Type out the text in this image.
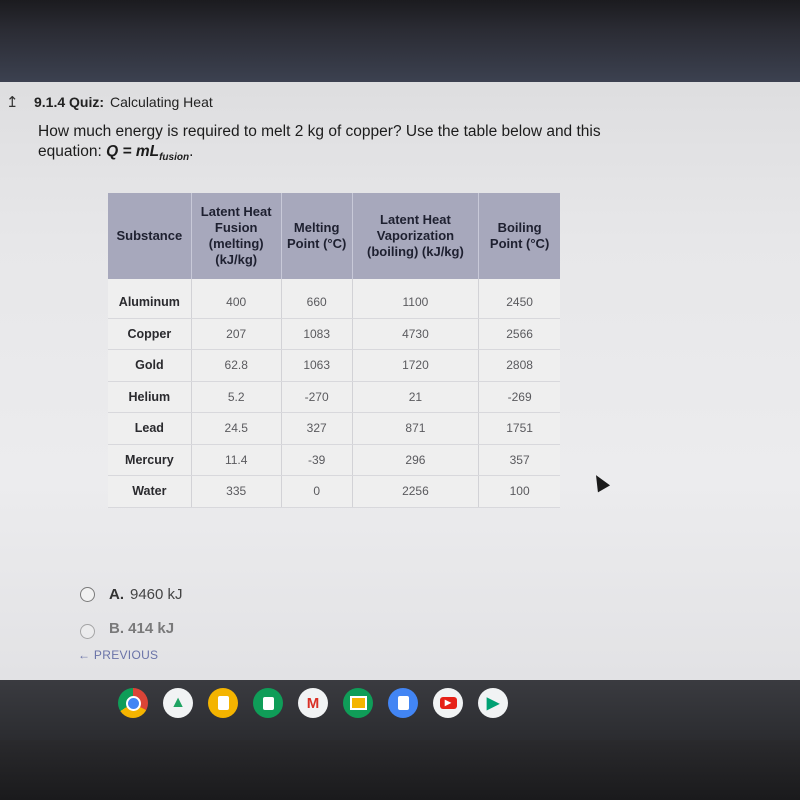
↥	9.1.4 Quiz: Calculating Heat
How much energy is required to melt 2 kg of copper? Use the table below and this equation: $Q = mL_{fusion}$.
Substance	Latent Heat Fusion (melting) (kJ/kg)	Melting Point (°C)	Latent Heat Vaporization (boiling) (kJ/kg)	Boiling Point (°C)

Aluminum	400	660	1100	2450
Copper	207	1083	4730	2566
Gold	62.8	1063	1720	2808
Helium	5.2	-270	21	-269
Lead	24.5	327	871	1751
Mercury	11.4	-39	296	357
Water	335	0	2256	100
A. 9460 kJ
B. 414 kJ
← PREVIOUS
▲	M	▶	▶
